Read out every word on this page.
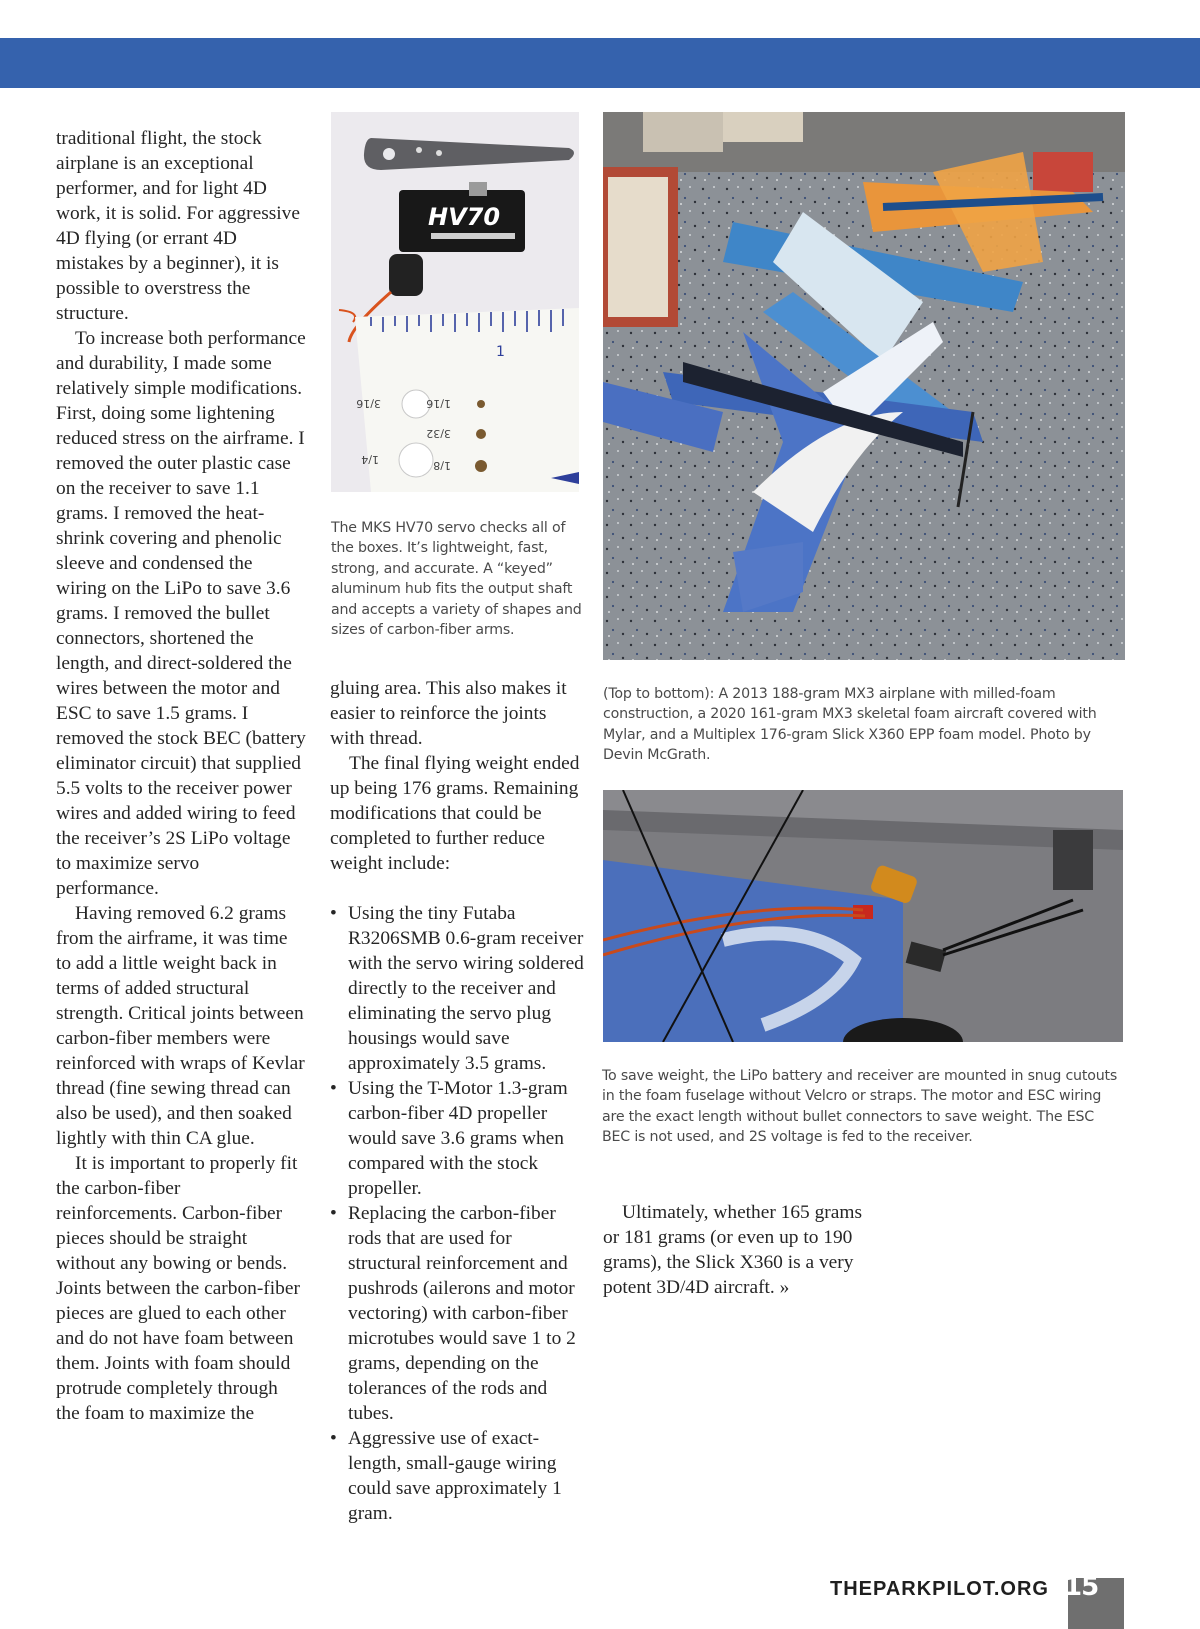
traditional flight, the stock airplane is an exceptional performer, and for light 4D work, it is solid. For aggressive 4D flying (or errant 4D mistakes by a beginner), it is possible to overstress the structure.

To increase both performance and durability, I made some relatively simple modifications. First, doing some lightening reduced stress on the airframe. I removed the outer plastic case on the receiver to save 1.1 grams. I removed the heat-shrink covering and phenolic sleeve and condensed the wiring on the LiPo to save 3.6 grams. I removed the bullet connectors, shortened the length, and direct-soldered the wires between the motor and ESC to save 1.5 grams. I removed the stock BEC (battery eliminator circuit) that supplied 5.5 volts to the receiver power wires and added wiring to feed the receiver’s 2S LiPo voltage to maximize servo performance.

Having removed 6.2 grams from the airframe, it was time to add a little weight back in terms of added structural strength. Critical joints between carbon-fiber members were reinforced with wraps of Kevlar thread (fine sewing thread can also be used), and then soaked lightly with thin CA glue.

It is important to properly fit the carbon-fiber reinforcements. Carbon-fiber pieces should be straight without any bowing or bends. Joints between the carbon-fiber pieces are glued to each other and do not have foam between them. Joints with foam should protrude completely through the foam to maximize the

HV70
1
3/16	1/16
3/32
1/4	1/8
The MKS HV70 servo checks all of the boxes. It’s lightweight, fast, strong, and accurate. A “keyed” aluminum hub fits the output shaft and accepts a variety of shapes and sizes of carbon-fiber arms.

gluing area. This also makes it easier to reinforce the joints with thread.

The final flying weight ended up being 176 grams. Remaining modifications that could be completed to further reduce weight include:

• Using the tiny Futaba R3206SMB 0.6-gram receiver with the servo wiring soldered directly to the receiver and eliminating the servo plug housings would save approximately 3.5 grams.
• Using the T-Motor 1.3-gram carbon-fiber 4D propeller would save 3.6 grams when compared with the stock propeller.
• Replacing the carbon-fiber rods that are used for structural reinforcement and pushrods (ailerons and motor vectoring) with carbon-fiber microtubes would save 1 to 2 grams, depending on the tolerances of the rods and tubes.
• Aggressive use of exact-length, small-gauge wiring could save approximately 1 gram.
(Top to bottom): A 2013 188-gram MX3 airplane with milled-foam construction, a 2020 161-gram MX3 skeletal foam aircraft covered with Mylar, and a Multiplex 176-gram Slick X360 EPP foam model. Photo by Devin McGrath.
To save weight, the LiPo battery and receiver are mounted in snug cutouts in the foam fuselage without Velcro or straps. The motor and ESC wiring are the exact length without bullet connectors to save weight. The ESC BEC is not used, and 2S voltage is fed to the receiver.

Ultimately, whether 165 grams or 181 grams (or even up to 190 grams), the Slick X360 is a very potent 3D/4D aircraft. »

THEPARKPILOT.ORG 15
